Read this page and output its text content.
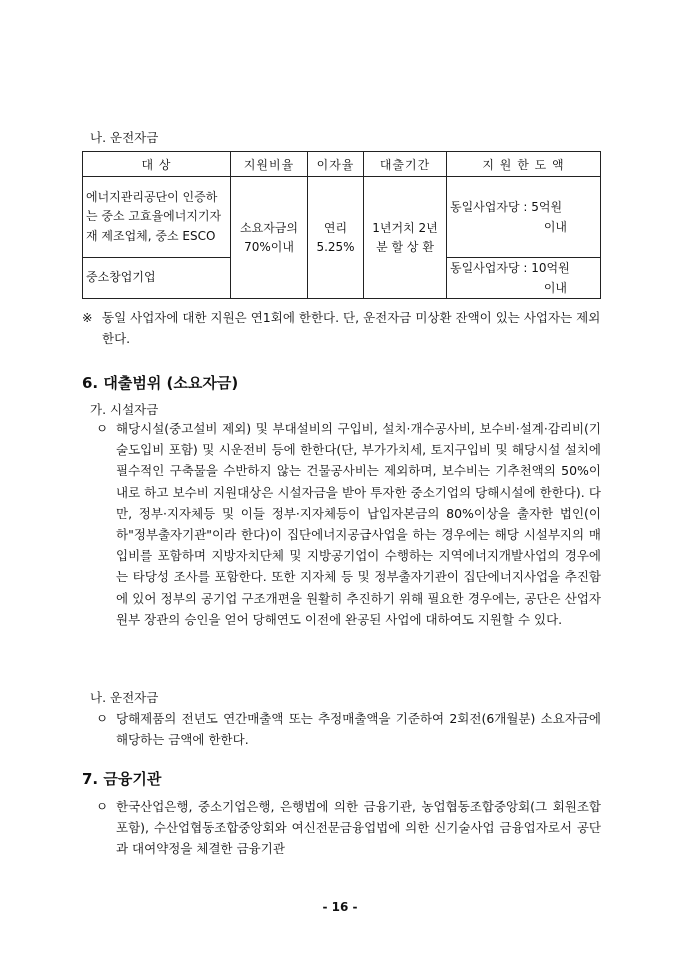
나. 운전자금
대 상	지원비율	이자율	대출기간	지 원 한 도 액
에너지관리공단이 인증하는 중소 고효율에너지기자재 제조업체, 중소 ESCO	소요자금의 70%이내	연리 5.25%	1년거치 2년 분 할 상 환	동일사업자당 : 5억원
이내

중소창업기업				동일사업자당 : 10억원
이내
※ 동일 사업자에 대한 지원은 연1회에 한한다. 단, 운전자금 미상환 잔액이 있는 사업자는 제외한다.
6. 대출범위 (소요자금)
가. 시설자금
ㅇ 해당시설(중고설비 제외) 및 부대설비의 구입비, 설치·개수공사비, 보수비·설계·감리비(기술도입비 포함) 및 시운전비 등에 한한다(단, 부가가치세, 토지구입비 및 해당시설 설치에 필수적인 구축물을 수반하지 않는 건물공사비는 제외하며, 보수비는 기추천액의 50%이내로 하고 보수비 지원대상은 시설자금을 받아 투자한 중소기업의 당해시설에 한한다). 다만, 정부·지자체등 및 이들 정부·지자체등이 납입자본금의 80%이상을 출자한 법인(이하"정부출자기관"이라 한다)이 집단에너지공급사업을 하는 경우에는 해당 시설부지의 매입비를 포함하며 지방자치단체 및 지방공기업이 수행하는 지역에너지개발사업의 경우에는 타당성 조사를 포함한다. 또한 지자체 등 및 정부출자기관이 집단에너지사업을 추진함에 있어 정부의 공기업 구조개편을 원활히 추진하기 위해 필요한 경우에는, 공단은 산업자원부 장관의 승인을 얻어 당해연도 이전에 완공된 사업에 대하여도 지원할 수 있다.
나. 운전자금
ㅇ 당해제품의 전년도 연간매출액 또는 추정매출액을 기준하여 2회전(6개월분) 소요자금에 해당하는 금액에 한한다.
7. 금융기관
ㅇ 한국산업은행, 중소기업은행, 은행법에 의한 금융기관, 농업협동조합중앙회(그 회원조합 포함), 수산업협동조합중앙회와 여신전문금융업법에 의한 신기술사업 금융업자로서 공단과 대여약정을 체결한 금융기관
- 16 -
